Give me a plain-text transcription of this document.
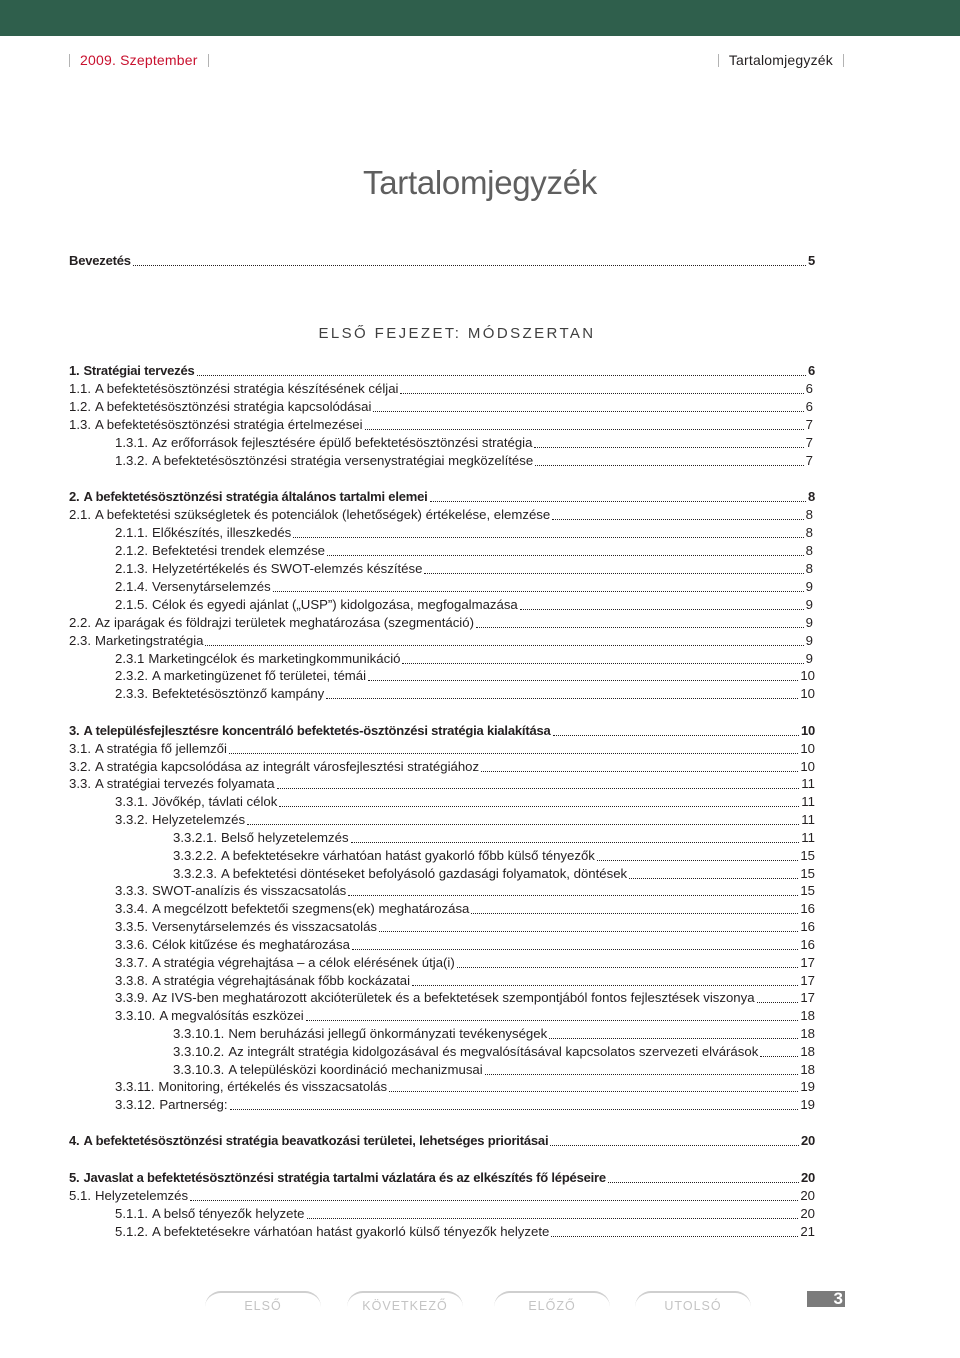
2009. Szeptember	Tartalomjegyzék
Tartalomjegyzék
ELSŐ FEJEZET: MÓDSZERTAN
Bevezetés	5
1. Stratégiai tervezés	6
1.1. A befektetésösztönzési stratégia készítésének céljai	6
1.2. A befektetésösztönzési stratégia kapcsolódásai	6
1.3. A befektetésösztönzési stratégia értelmezései	7
1.3.1. Az erőforrások fejlesztésére épülő befektetésösztönzési stratégia	7
1.3.2. A befektetésösztönzési stratégia versenystratégiai megközelítése	7
2. A befektetésösztönzési stratégia általános tartalmi elemei	8
2.1. A befektetési szükségletek és potenciálok (lehetőségek) értékelése, elemzése	8
2.1.1. Előkészítés, illeszkedés	8
2.1.2. Befektetési trendek elemzése	8
2.1.3. Helyzetértékelés és SWOT-elemzés készítése	8
2.1.4. Versenytárselemzés	9
2.1.5. Célok és egyedi ajánlat („USP”) kidolgozása, megfogalmazása	9
2.2. Az iparágak és földrajzi területek meghatározása (szegmentáció)	9
2.3. Marketingstratégia	9
2.3.1 Marketingcélok és marketingkommunikáció	9
2.3.2. A marketingüzenet fő területei, témái	10
2.3.3. Befektetésösztönző kampány	10
3. A településfejlesztésre koncentráló befektetés-ösztönzési stratégia kialakítása	10
3.1. A stratégia fő jellemzői	10
3.2. A stratégia kapcsolódása az integrált városfejlesztési stratégiához	10
3.3. A stratégiai tervezés folyamata	11
3.3.1. Jövőkép, távlati célok	11
3.3.2. Helyzetelemzés	11
3.3.2.1. Belső helyzetelemzés	11
3.3.2.2. A befektetésekre várhatóan hatást gyakorló főbb külső tényezők	15
3.3.2.3. A befektetési döntéseket befolyásoló gazdasági folyamatok, döntések	15
3.3.3. SWOT-analízis és visszacsatolás	15
3.3.4. A megcélzott befektetői szegmens(ek) meghatározása	16
3.3.5. Versenytárselemzés és visszacsatolás	16
3.3.6. Célok kitűzése és meghatározása	16
3.3.7. A stratégia végrehajtása – a célok elérésének útja(i)	17
3.3.8. A stratégia végrehajtásának főbb kockázatai	17
3.3.9. Az IVS-ben meghatározott akcióterületek és a befektetések szempontjából fontos fejlesztések viszonya	17
3.3.10. A megvalósítás eszközei	18
3.3.10.1. Nem beruházási jellegű önkormányzati tevékenységek	18
3.3.10.2. Az integrált stratégia kidolgozásával és megvalósításával kapcsolatos szervezeti elvárások	18
3.3.10.3. A településközi koordináció mechanizmusai	18
3.3.11. Monitoring, értékelés és visszacsatolás	19
3.3.12. Partnerség:	19
4. A befektetésösztönzési stratégia beavatkozási területei, lehetséges prioritásai	20
5. Javaslat a befektetésösztönzési stratégia tartalmi vázlatára és az elkészítés fő lépéseire	20
5.1. Helyzetelemzés	20
5.1.1. A belső tényezők helyzete	20
5.1.2. A befektetésekre várhatóan hatást gyakorló külső tényezők helyzete	21
ELSŐ	KÖVETKEZŐ	ELŐZŐ	UTOLSÓ	3
